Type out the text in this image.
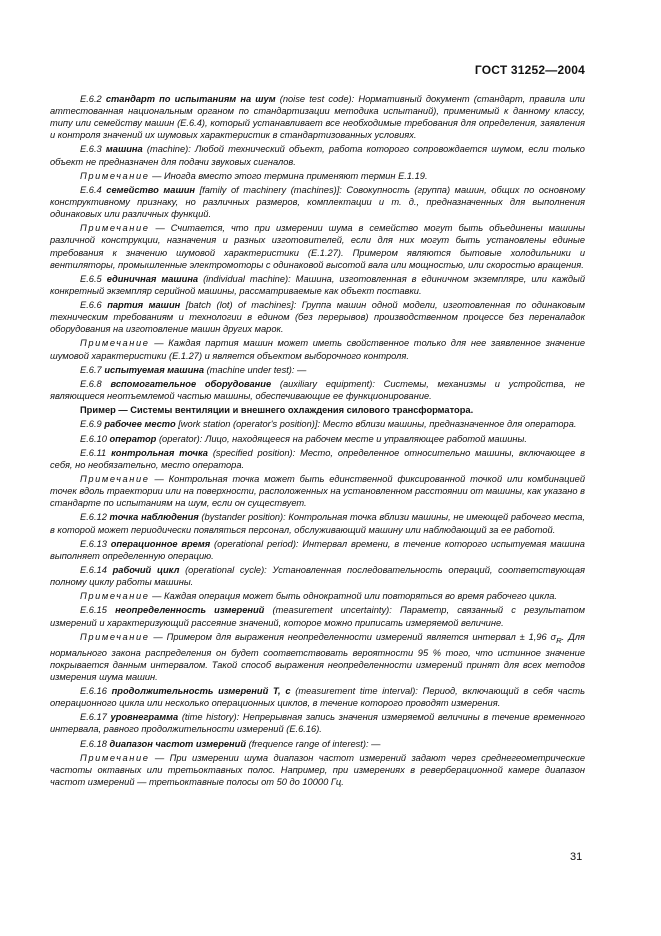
ГОСТ 31252—2004

Е.6.2 стандарт по испытаниям на шум (noise test code): Нормативный документ (стандарт, правила или аттестованная национальным органом по стандартизации методика испытаний), применимый к данному классу, типу или семейству машин (Е.6.4), который устанавливает все необходимые требования для определения, заявления и контроля значений их шумовых характеристик в стандартизованных условиях.

Е.6.3 машина (machine): Любой технический объект, работа которого сопровождается шумом, если только объект не предназначен для подачи звуковых сигналов.

Примечание — Иногда вместо этого термина применяют термин Е.1.19.

Е.6.4 семейство машин [family of machinery (machines)]: Совокупность (группа) машин, общих по основному конструктивному признаку, но различных размеров, комплектации и т. д., предназначенных для выполнения одинаковых или различных функций.

Примечание — Считается, что при измерении шума в семейство могут быть объединены машины различной конструкции, назначения и разных изготовителей, если для них могут быть установлены единые требования к значению шумовой характеристики (Е.1.27). Примером являются бытовые холодильники и вентиляторы, промышленные электромоторы с одинаковой высотой вала или мощностью, или скоростью вращения.

Е.6.5 единичная машина (individual machine): Машина, изготовленная в единичном экземпляре, или каждый конкретный экземпляр серийной машины, рассматриваемые как объект поставки.

Е.6.6 партия машин [batch (lot) of machines]: Группа машин одной модели, изготовленная по одинаковым техническим требованиям и технологии в едином (без перерывов) производственном процессе без переналадок оборудования на изготовление машин других марок.

Примечание — Каждая партия машин может иметь свойственное только для нее заявленное значение шумовой характеристики (Е.1.27) и является объектом выборочного контроля.

Е.6.7 испытуемая машина (machine under test): —

Е.6.8 вспомогательное оборудование (auxiliary equipment): Системы, механизмы и устройства, не являющиеся неотъемлемой частью машины, обеспечивающие ее функционирование.

Пример — Системы вентиляции и внешнего охлаждения силового трансформатора.

Е.6.9 рабочее место [work station (operator's position)]: Место вблизи машины, предназначенное для оператора.

Е.6.10 оператор (operator): Лицо, находящееся на рабочем месте и управляющее работой машины.

Е.6.11 контрольная точка (specified position): Место, определенное относительно машины, включающее в себя, но необязательно, место оператора.

Примечание — Контрольная точка может быть единственной фиксированной точкой или комбинацией точек вдоль траектории или на поверхности, расположенных на установленном расстоянии от машины, как указано в стандарте по испытаниям на шум, если он существует.

Е.6.12 точка наблюдения (bystander position): Контрольная точка вблизи машины, не имеющей рабочего места, в которой может периодически появляться персонал, обслуживающий машину или наблюдающий за ее работой.

Е.6.13 операционное время (operational period): Интервал времени, в течение которого испытуемая машина выполняет определенную операцию.

Е.6.14 рабочий цикл (operational cycle): Установленная последовательность операций, соответствующая полному циклу работы машины.

Примечание — Каждая операция может быть однократной или повторяться во время рабочего цикла.

Е.6.15 неопределенность измерений (measurement uncertainty): Параметр, связанный с результатом измерений и характеризующий рассеяние значений, которое можно приписать измеряемой величине.

Примечание — Примером для выражения неопределенности измерений является интервал ± 1,96 $\sigma_R$. Для нормального закона распределения он будет соответствовать вероятности 95 % того, что истинное значение покрывается данным интервалом. Такой способ выражения неопределенности измерений принят для всех методов измерения шума машин.

Е.6.16 продолжительность измерений T, с (measurement time interval): Период, включающий в себя часть операционного цикла или несколько операционных циклов, в течение которого проводят измерения.

Е.6.17 уровнеграмма (time history): Непрерывная запись значения измеряемой величины в течение временного интервала, равного продолжительности измерений (Е.6.16).

Е.6.18 диапазон частот измерений (frequence range of interest): —

Примечание — При измерении шума диапазон частот измерений задают через среднегеометрические частоты октавных или третьоктавных полос. Например, при измерениях в реверберационной камере диапазон частот измерений — третьоктавные полосы от 50 до 10000 Гц.

31
